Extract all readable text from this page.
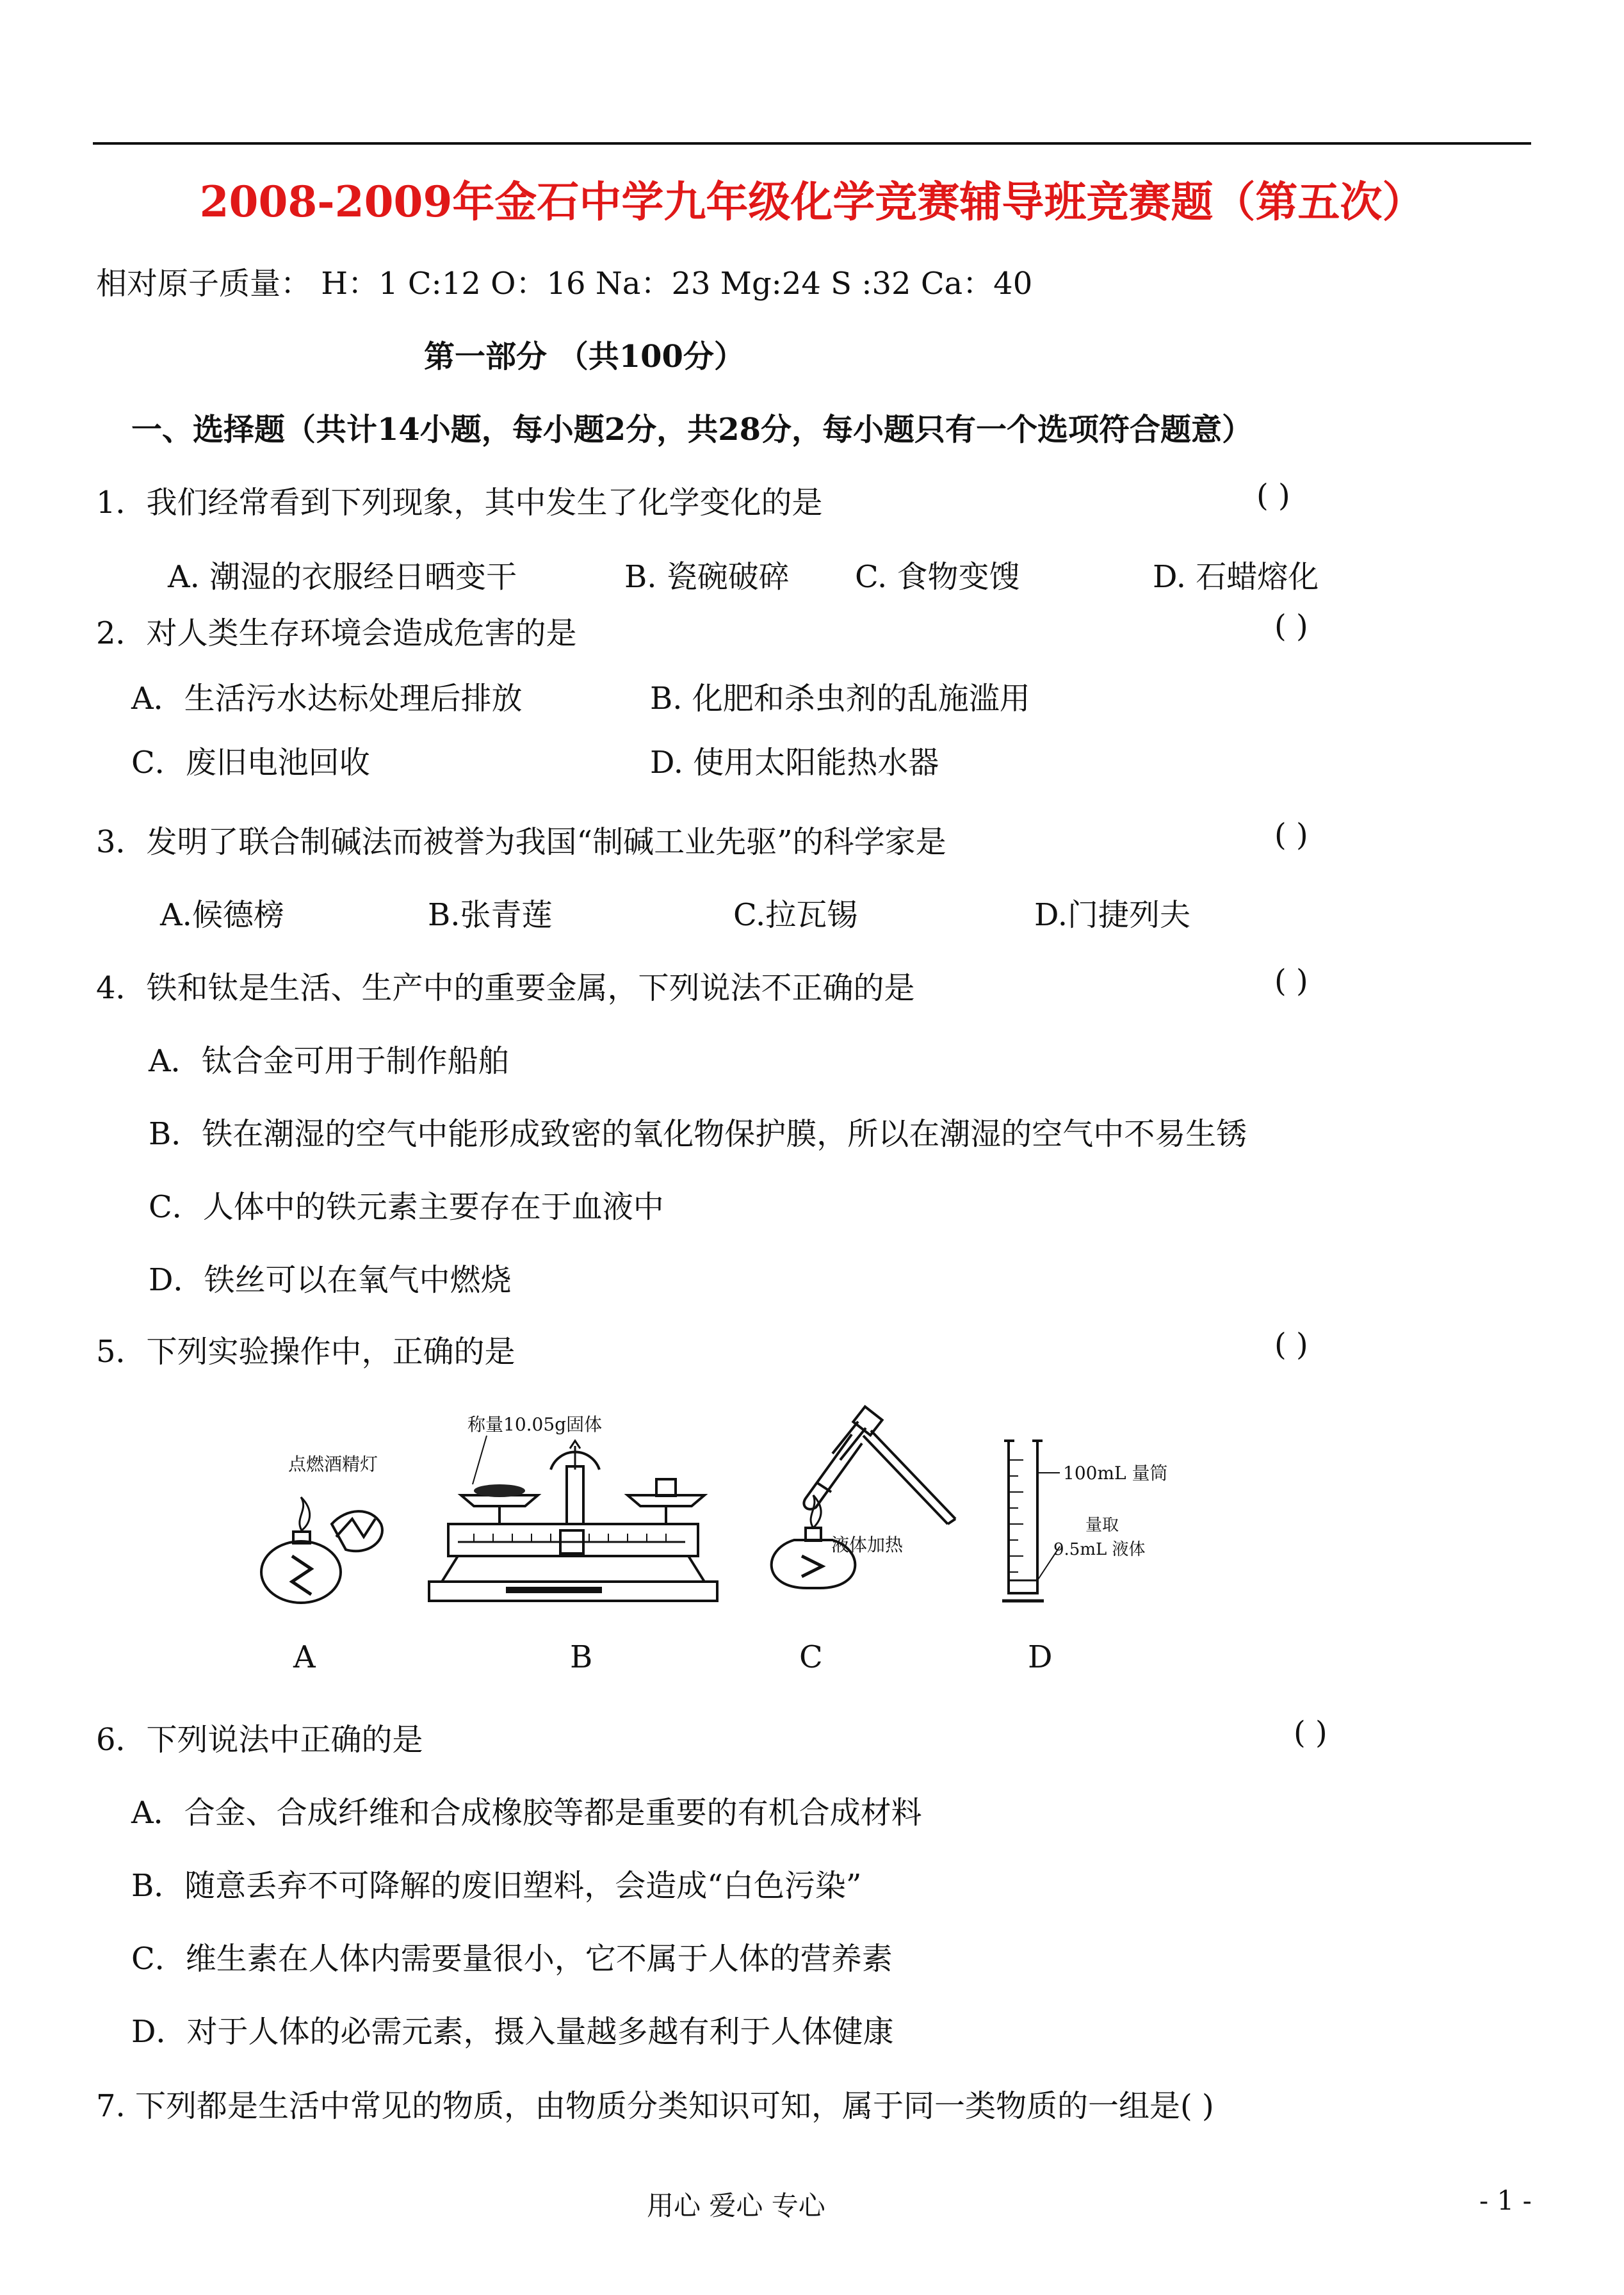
2008-2009年金石中学九年级化学竞赛辅导班竞赛题（第五次）
相对原子质量： H：1 C:12 O：16 Na：23 Mg:24 S :32 Ca：40
第一部分 （共100分）
一、选择题（共计14小题，每小题2分，共28分，每小题只有一个选项符合题意）
1．我们经常看到下列现象，其中发生了化学变化的是	( )
A. 潮湿的衣服经日晒变干	B. 瓷碗破碎 C. 食物变馊	D. 石蜡熔化
2．对人类生存环境会造成危害的是	( )
A．生活污水达标处理后排放	B. 化肥和杀虫剂的乱施滥用
C．废旧电池回收	D. 使用太阳能热水器
3．发明了联合制碱法而被誉为我国“制碱工业先驱”的科学家是	( )
A.候德榜	B.张青莲	C.拉瓦锡	D.门捷列夫
4．铁和钛是生活、生产中的重要金属，下列说法不正确的是	( )
A．钛合金可用于制作船舶
B．铁在潮湿的空气中能形成致密的氧化物保护膜，所以在潮湿的空气中不易生锈
C．人体中的铁元素主要存在于血液中
D．铁丝可以在氧气中燃烧
5．下列实验操作中，正确的是	( )
点燃酒精灯
称量10.05g固体
液体加热
100mL 量筒
量取
9.5mL 液体
A	B	C	D
6．下列说法中正确的是	( )
A．合金、合成纤维和合成橡胶等都是重要的有机合成材料
B．随意丢弃不可降解的废旧塑料，会造成“白色污染”
C．维生素在人体内需要量很小，它不属于人体的营养素
D．对于人体的必需元素，摄入量越多越有利于人体健康
7. 下列都是生活中常见的物质，由物质分类知识可知，属于同一类物质的一组是( )
用心 爱心 专心	- 1 -
